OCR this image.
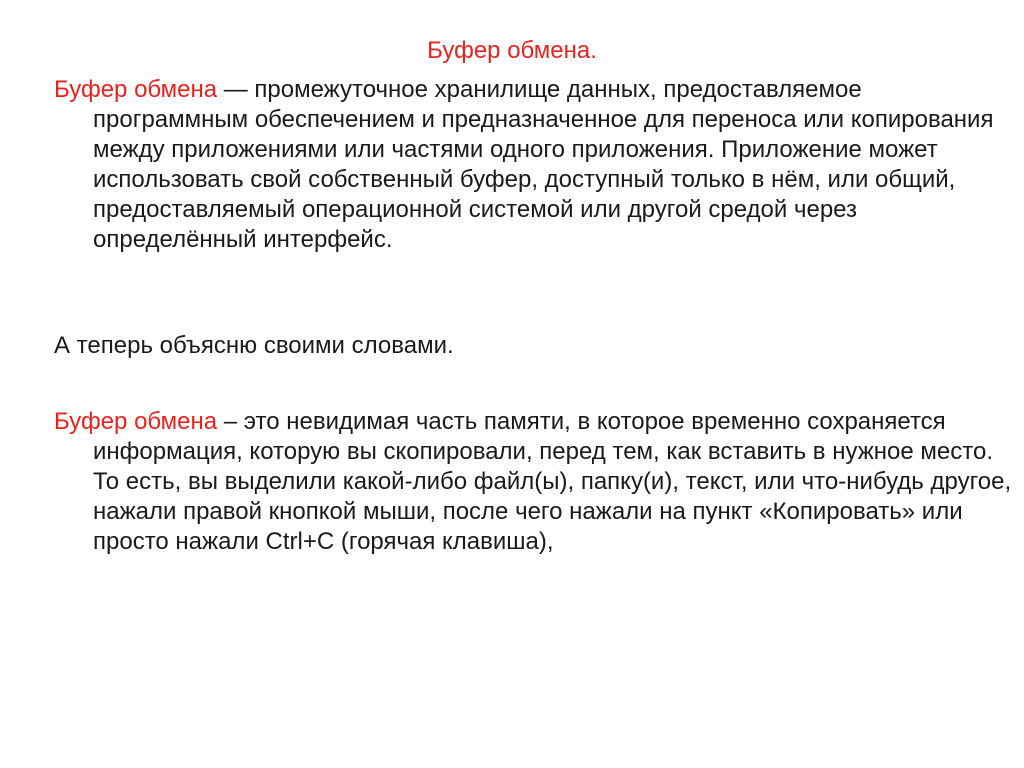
Буфер обмена.

Буфер обмена — промежуточное хранилище данных, предоставляемое программным обеспечением и предназначенное для переноса или копирования между приложениями или частями одного приложения. Приложение может использовать свой собственный буфер, доступный только в нём, или общий, предоставляемый операционной системой или другой средой через определённый интерфейс.

А теперь объясню своими словами.

Буфер обмена – это невидимая часть памяти, в которое временно сохраняется информация, которую вы скопировали, перед тем, как вставить в нужное место. То есть, вы выделили какой-либо файл(ы), папку(и), текст, или что-нибудь другое, нажали правой кнопкой мыши, после чего нажали на пункт «Копировать» или просто нажали Ctrl+C (горячая клавиша),
